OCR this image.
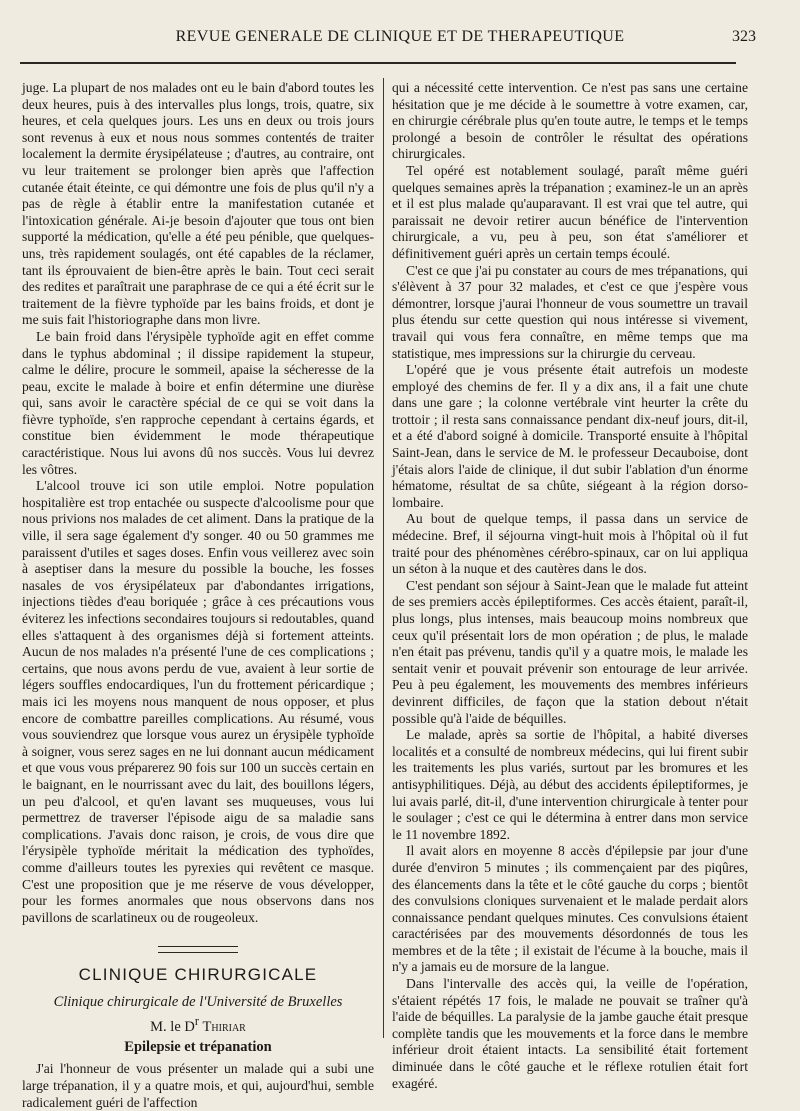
REVUE GENERALE DE CLINIQUE ET DE THERAPEUTIQUE	323

juge. La plupart de nos malades ont eu le bain d'abord toutes les deux heures, puis à des intervalles plus longs, trois, quatre, six heures, et cela quelques jours. Les uns en deux ou trois jours sont revenus à eux et nous nous sommes contentés de traiter localement la dermite érysipélateuse ; d'autres, au contraire, ont vu leur traitement se prolonger bien après que l'affection cutanée était éteinte, ce qui démontre une fois de plus qu'il n'y a pas de règle à établir entre la manifestation cutanée et l'intoxication générale. Ai-je besoin d'ajouter que tous ont bien supporté la médication, qu'elle a été peu pénible, que quelques-uns, très rapidement soulagés, ont été capables de la réclamer, tant ils éprouvaient de bien-être après le bain. Tout ceci serait des redites et paraîtrait une paraphrase de ce qui a été écrit sur le traitement de la fièvre typhoïde par les bains froids, et dont je me suis fait l'historiographe dans mon livre.

Le bain froid dans l'érysipèle typhoïde agit en effet comme dans le typhus abdominal ; il dissipe rapidement la stupeur, calme le délire, procure le sommeil, apaise la sécheresse de la peau, excite le malade à boire et enfin détermine une diurèse qui, sans avoir le caractère spécial de ce qui se voit dans la fièvre typhoïde, s'en rapproche cependant à certains égards, et constitue bien évidemment le mode thérapeutique caractéristique. Nous lui avons dû nos succès. Vous lui devrez les vôtres.

L'alcool trouve ici son utile emploi. Notre population hospitalière est trop entachée ou suspecte d'alcoolisme pour que nous privions nos malades de cet aliment. Dans la pratique de la ville, il sera sage également d'y songer. 40 ou 50 grammes me paraissent d'utiles et sages doses. Enfin vous veillerez avec soin à aseptiser dans la mesure du possible la bouche, les fosses nasales de vos érysipélateux par d'abondantes irrigations, injections tièdes d'eau boriquée ; grâce à ces précautions vous éviterez les infections secondaires toujours si redoutables, quand elles s'attaquent à des organismes déjà si fortement atteints. Aucun de nos malades n'a présenté l'une de ces complications ; certains, que nous avons perdu de vue, avaient à leur sortie de légers souffles endocardiques, l'un du frottement péricardique ; mais ici les moyens nous manquent de nous opposer, et plus encore de combattre pareilles complications. Au résumé, vous vous souviendrez que lorsque vous aurez un érysipèle typhoïde à soigner, vous serez sages en ne lui donnant aucun médicament et que vous vous préparerez 90 fois sur 100 un succès certain en le baignant, en le nourrissant avec du lait, des bouillons légers, un peu d'alcool, et qu'en lavant ses muqueuses, vous lui permettrez de traverser l'épisode aigu de sa maladie sans complications. J'avais donc raison, je crois, de vous dire que l'érysipèle typhoïde méritait la médication des typhoïdes, comme d'ailleurs toutes les pyrexies qui revêtent ce masque. C'est une proposition que je me réserve de vous développer, pour les formes anormales que nous observons dans nos pavillons de scarlatineux ou de rougeoleux.

CLINIQUE CHIRURGICALE
Clinique chirurgicale de l'Université de Bruxelles
M. le $D^r$ Thiriar
Epilepsie et trépanation

J'ai l'honneur de vous présenter un malade qui a subi une large trépanation, il y a quatre mois, et qui, aujourd'hui, semble radicalement guéri de l'affection

qui a nécessité cette intervention. Ce n'est pas sans une certaine hésitation que je me décide à le soumettre à votre examen, car, en chirurgie cérébrale plus qu'en toute autre, le temps et le temps prolongé a besoin de contrôler le résultat des opérations chirurgicales.

Tel opéré est notablement soulagé, paraît même guéri quelques semaines après la trépanation ; examinez-le un an après et il est plus malade qu'auparavant. Il est vrai que tel autre, qui paraissait ne devoir retirer aucun bénéfice de l'intervention chirurgicale, a vu, peu à peu, son état s'améliorer et définitivement guéri après un certain temps écoulé.

C'est ce que j'ai pu constater au cours de mes trépanations, qui s'élèvent à 37 pour 32 malades, et c'est ce que j'espère vous démontrer, lorsque j'aurai l'honneur de vous soumettre un travail plus étendu sur cette question qui nous intéresse si vivement, travail qui vous fera connaître, en même temps que ma statistique, mes impressions sur la chirurgie du cerveau.

L'opéré que je vous présente était autrefois un modeste employé des chemins de fer. Il y a dix ans, il a fait une chute dans une gare ; la colonne vertébrale vint heurter la crête du trottoir ; il resta sans connaissance pendant dix-neuf jours, dit-il, et a été d'abord soigné à domicile. Transporté ensuite à l'hôpital Saint-Jean, dans le service de M. le professeur Decauboise, dont j'étais alors l'aide de clinique, il dut subir l'ablation d'un énorme hématome, résultat de sa chûte, siégeant à la région dorso-lombaire.

Au bout de quelque temps, il passa dans un service de médecine. Bref, il séjourna vingt-huit mois à l'hôpital où il fut traité pour des phénomènes cérébro-spinaux, car on lui appliqua un séton à la nuque et des cautères dans le dos.

C'est pendant son séjour à Saint-Jean que le malade fut atteint de ses premiers accès épileptiformes. Ces accès étaient, paraît-il, plus longs, plus intenses, mais beaucoup moins nombreux que ceux qu'il présentait lors de mon opération ; de plus, le malade n'en était pas prévenu, tandis qu'il y a quatre mois, le malade les sentait venir et pouvait prévenir son entourage de leur arrivée. Peu à peu également, les mouvements des membres inférieurs devinrent difficiles, de façon que la station debout n'était possible qu'à l'aide de béquilles.

Le malade, après sa sortie de l'hôpital, a habité diverses localités et a consulté de nombreux médecins, qui lui firent subir les traitements les plus variés, surtout par les bromures et les antisyphilitiques. Déjà, au début des accidents épileptiformes, je lui avais parlé, dit-il, d'une intervention chirurgicale à tenter pour le soulager ; c'est ce qui le détermina à entrer dans mon service le 11 novembre 1892.

Il avait alors en moyenne 8 accès d'épilepsie par jour d'une durée d'environ 5 minutes ; ils commençaient par des piqûres, des élancements dans la tête et le côté gauche du corps ; bientôt des convulsions cloniques survenaient et le malade perdait alors connaissance pendant quelques minutes. Ces convulsions étaient caractérisées par des mouvements désordonnés de tous les membres et de la tête ; il existait de l'écume à la bouche, mais il n'y a jamais eu de morsure de la langue.

Dans l'intervalle des accès qui, la veille de l'opération, s'étaient répétés 17 fois, le malade ne pouvait se traîner qu'à l'aide de béquilles. La paralysie de la jambe gauche était presque complète tandis que les mouvements et la force dans le membre inférieur droit étaient intacts. La sensibilité était fortement diminuée dans le côté gauche et le réflexe rotulien était fort exagéré.
